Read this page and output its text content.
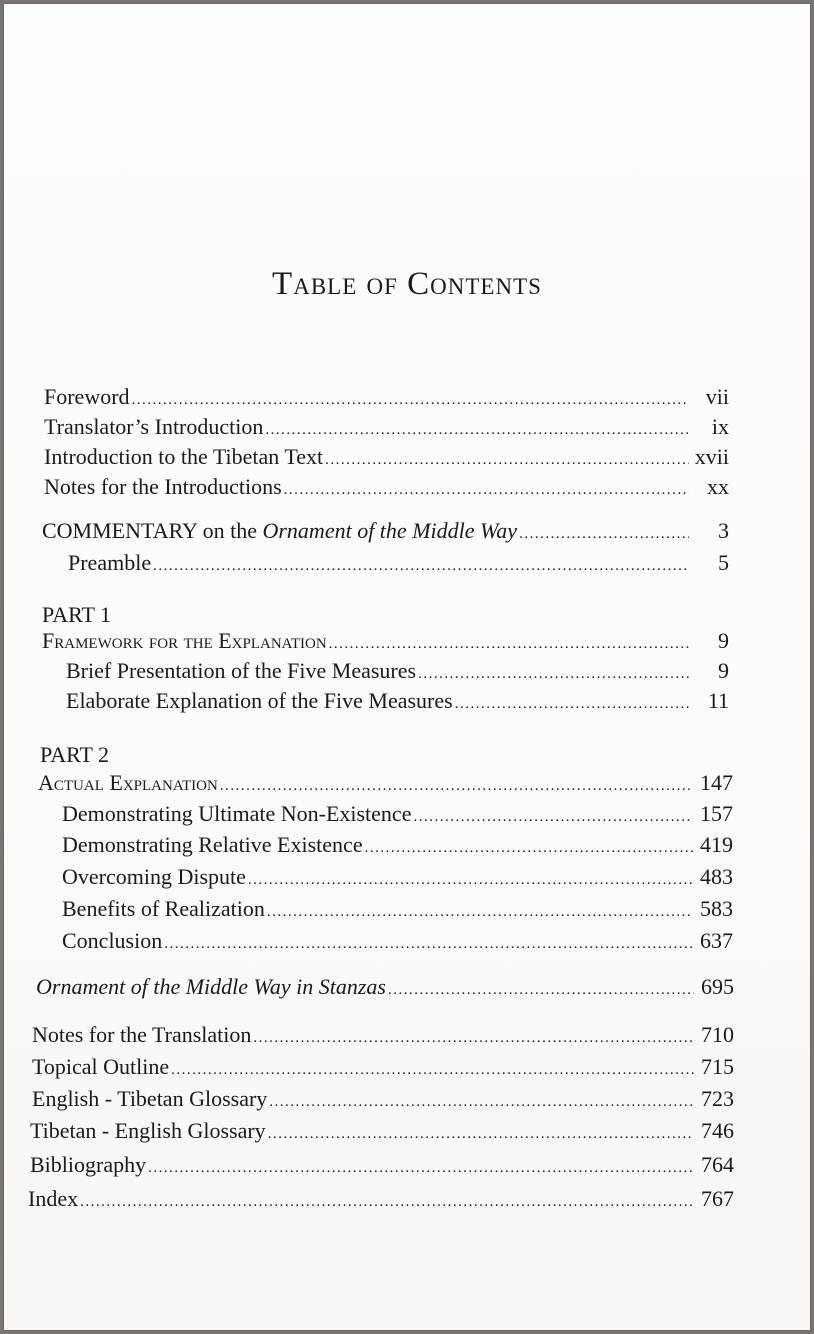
Table of Contents
Foreword .....	vii
Translator’s Introduction .....	ix
Introduction to the Tibetan Text .....	xvii
Notes for the Introductions .....	xx
COMMENTARY on the Ornament of the Middle Way .....	3
Preamble .....	5
PART 1
Framework for the Explanation .....	9
Brief Presentation of the Five Measures .....	9
Elaborate Explanation of the Five Measures .....	11
PART 2
Actual Explanation .....	147
Demonstrating Ultimate Non-Existence .....	157
Demonstrating Relative Existence .....	419
Overcoming Dispute .....	483
Benefits of Realization .....	583
Conclusion .....	637
Ornament of the Middle Way in Stanzas .....	695
Notes for the Translation .....	710
Topical Outline .....	715
English - Tibetan Glossary .....	723
Tibetan - English Glossary .....	746
Bibliography .....	764
Index .....	767
